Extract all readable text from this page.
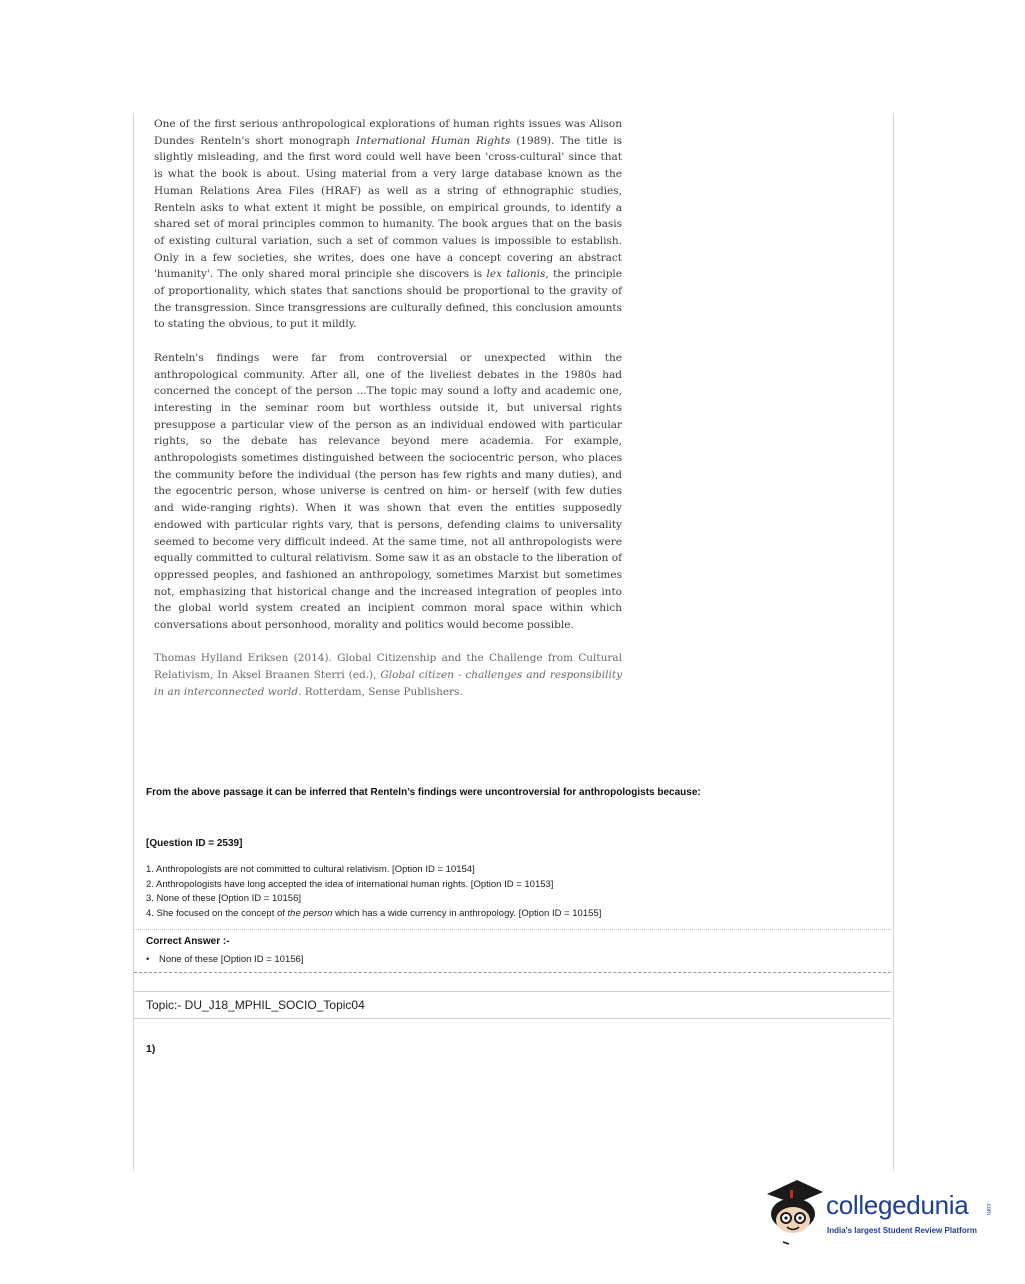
One of the first serious anthropological explorations of human rights issues was Alison Dundes Renteln's short monograph International Human Rights (1989). The title is slightly misleading, and the first word could well have been 'cross-cultural' since that is what the book is about. Using material from a very large database known as the Human Relations Area Files (HRAF) as well as a string of ethnographic studies, Renteln asks to what extent it might be possible, on empirical grounds, to identify a shared set of moral principles common to humanity. The book argues that on the basis of existing cultural variation, such a set of common values is impossible to establish. Only in a few societies, she writes, does one have a concept covering an abstract 'humanity'. The only shared moral principle she discovers is lex talionis, the principle of proportionality, which states that sanctions should be proportional to the gravity of the transgression. Since transgressions are culturally defined, this conclusion amounts to stating the obvious, to put it mildly.

Renteln's findings were far from controversial or unexpected within the anthropological community. After all, one of the liveliest debates in the 1980s had concerned the concept of the person ...The topic may sound a lofty and academic one, interesting in the seminar room but worthless outside it, but universal rights presuppose a particular view of the person as an individual endowed with particular rights, so the debate has relevance beyond mere academia. For example, anthropologists sometimes distinguished between the sociocentric person, who places the community before the individual (the person has few rights and many duties), and the egocentric person, whose universe is centred on him- or herself (with few duties and wide-ranging rights). When it was shown that even the entities supposedly endowed with particular rights vary, that is persons, defending claims to universality seemed to become very difficult indeed. At the same time, not all anthropologists were equally committed to cultural relativism. Some saw it as an obstacle to the liberation of oppressed peoples, and fashioned an anthropology, sometimes Marxist but sometimes not, emphasizing that historical change and the increased integration of peoples into the global world system created an incipient common moral space within which conversations about personhood, morality and politics would become possible.

Thomas Hylland Eriksen (2014). Global Citizenship and the Challenge from Cultural Relativism, In Aksel Braanen Sterri (ed.), Global citizen - challenges and responsibility in an interconnected world. Rotterdam, Sense Publishers.

From the above passage it can be inferred that Renteln’s findings were uncontroversial for anthropologists because:
[Question ID = 2539]
1. Anthropologists are not committed to cultural relativism. [Option ID = 10154]
2. Anthropologists have long accepted the idea of international human rights. [Option ID = 10153]
3. None of these [Option ID = 10156]
4. She focused on the concept of the person which has a wide currency in anthropology. [Option ID = 10155]
Correct Answer :-
• None of these [Option ID = 10156]
Topic:- DU_J18_MPHIL_SOCIO_Topic04
1)
collegedunia	.com
India's largest Student Review Platform
